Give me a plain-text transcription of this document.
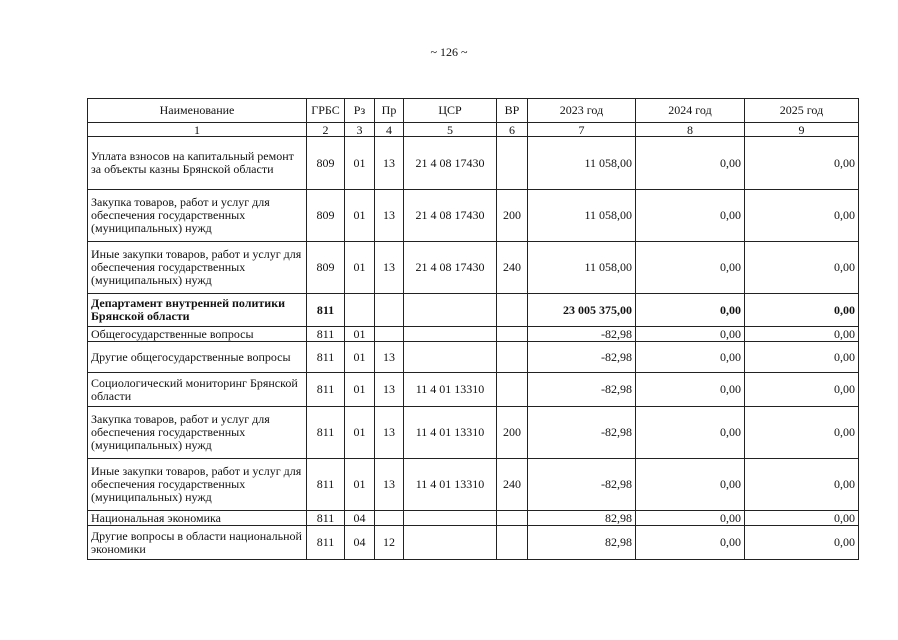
~ 126 ~
Наименование	ГРБС	Рз	Пр	ЦСР	ВР	2023 год	2024 год	2025 год
1	2	3	4	5	6	7	8	9
Уплата взносов на капитальный ремонт за объекты казны Брянской области	809	01	13	21 4 08 17430		11 058,00	0,00	0,00
Закупка товаров, работ и услуг для обеспечения государственных (муниципальных) нужд	809	01	13	21 4 08 17430	200	11 058,00	0,00	0,00
Иные закупки товаров, работ и услуг для обеспечения государственных (муниципальных) нужд	809	01	13	21 4 08 17430	240	11 058,00	0,00	0,00
Департамент внутренней политики Брянской области	811					23 005 375,00	0,00	0,00
Общегосударственные вопросы	811	01				-82,98	0,00	0,00
Другие общегосударственные вопросы	811	01	13			-82,98	0,00	0,00
Социологический мониторинг Брянской области	811	01	13	11 4 01 13310		-82,98	0,00	0,00
Закупка товаров, работ и услуг для обеспечения государственных (муниципальных) нужд	811	01	13	11 4 01 13310	200	-82,98	0,00	0,00
Иные закупки товаров, работ и услуг для обеспечения государственных (муниципальных) нужд	811	01	13	11 4 01 13310	240	-82,98	0,00	0,00
Национальная экономика	811	04				82,98	0,00	0,00
Другие вопросы в области национальной экономики	811	04	12			82,98	0,00	0,00
